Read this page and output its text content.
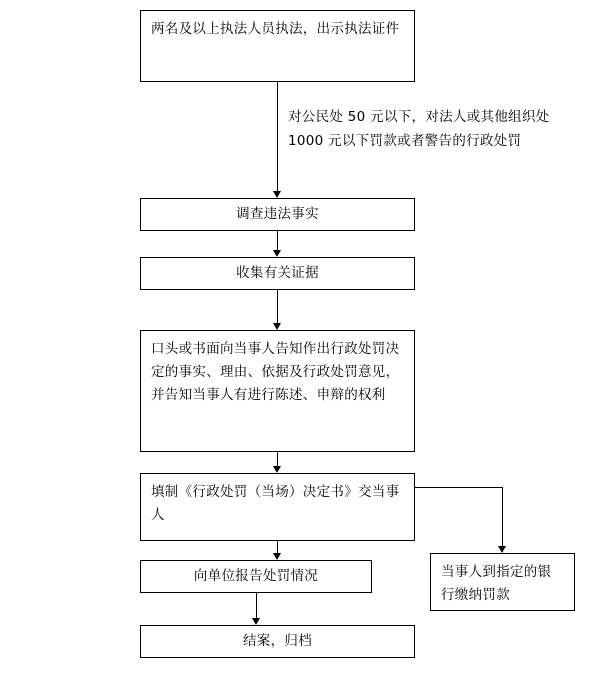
两名及以上执法人员执法，出示执法证件
对公民处 50 元以下，对法人或其他组织处 1000 元以下罚款或者警告的行政处罚
调查违法事实
收集有关证据
口头或书面向当事人告知作出行政处罚决定的事实、理由、依据及行政处罚意见，并告知当事人有进行陈述、申辩的权利
填制《行政处罚（当场）决定书》交当事人
向单位报告处罚情况	当事人到指定的银行缴纳罚款
结案，归档
